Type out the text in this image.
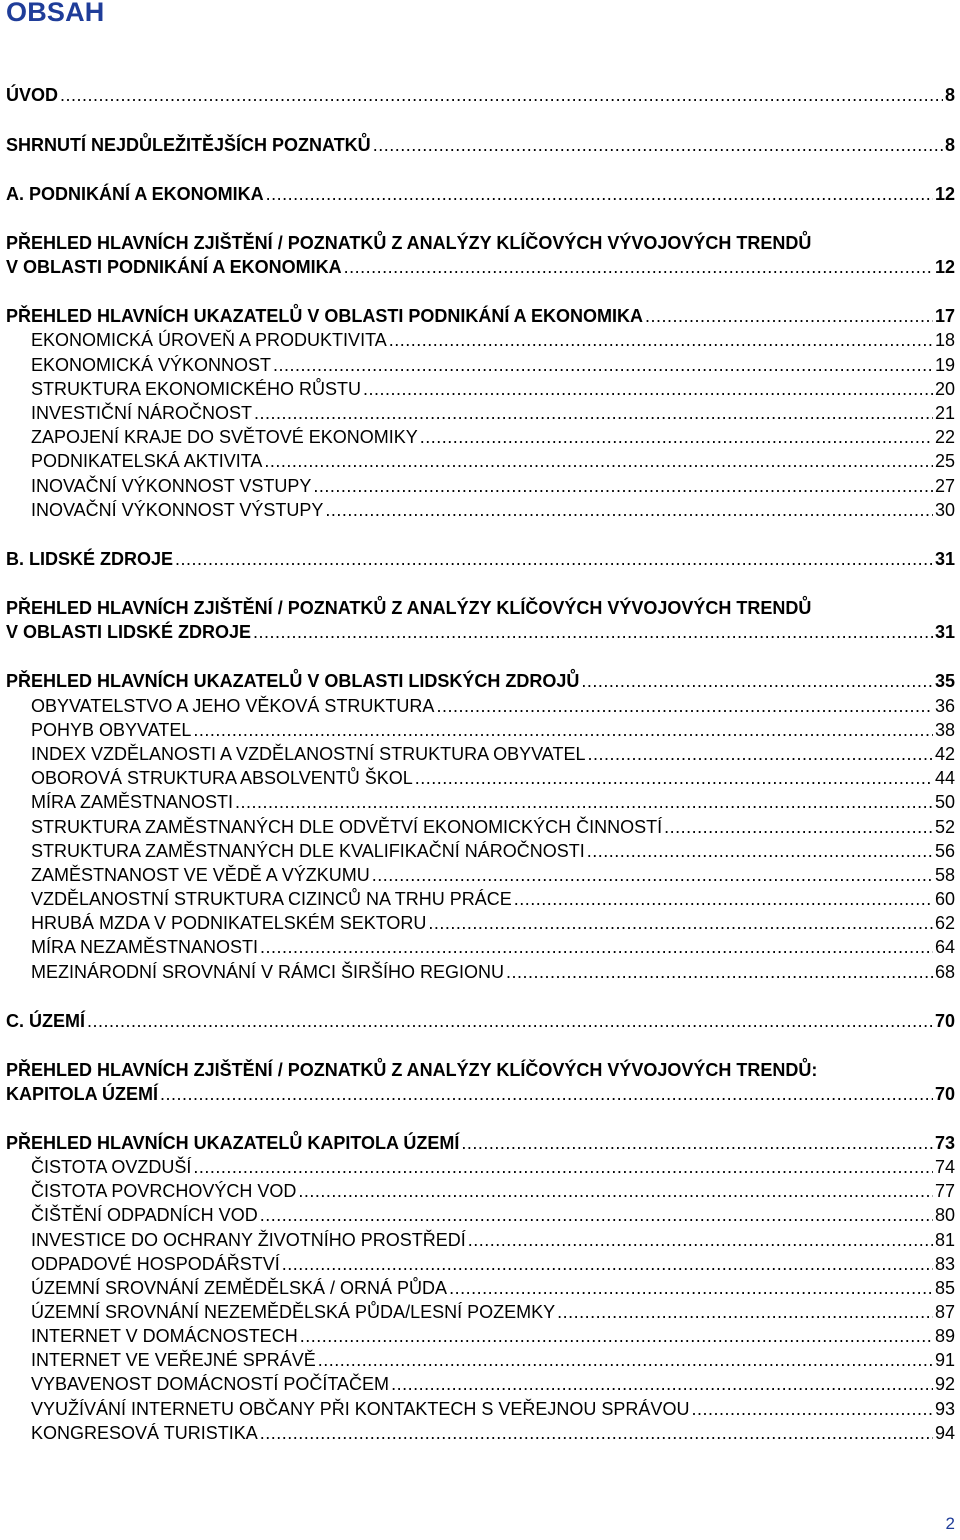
OBSAH
ÚVOD .....	8
SHRNUTÍ NEJDŮLEŽITĚJŠÍCH POZNATKŮ .....	8
A. PODNIKÁNÍ A EKONOMIKA .....	12
PŘEHLED HLAVNÍCH ZJIŠTĚNÍ / POZNATKŮ Z ANALÝZY KLÍČOVÝCH VÝVOJOVÝCH TRENDŮ
V OBLASTI PODNIKÁNÍ A EKONOMIKA .....	12
PŘEHLED HLAVNÍCH UKAZATELŮ V OBLASTI PODNIKÁNÍ A EKONOMIKA .....	17
EKONOMICKÁ ÚROVEŇ A PRODUKTIVITA .....	18
EKONOMICKÁ VÝKONNOST .....	19
STRUKTURA EKONOMICKÉHO RŮSTU .....	20
INVESTIČNÍ NÁROČNOST .....	21
ZAPOJENÍ KRAJE DO SVĚTOVÉ EKONOMIKY .....	22
PODNIKATELSKÁ AKTIVITA .....	25
INOVAČNÍ VÝKONNOST VSTUPY .....	27
INOVAČNÍ VÝKONNOST VÝSTUPY .....	30
B. LIDSKÉ ZDROJE .....	31
PŘEHLED HLAVNÍCH ZJIŠTĚNÍ / POZNATKŮ Z ANALÝZY KLÍČOVÝCH VÝVOJOVÝCH TRENDŮ
V OBLASTI LIDSKÉ ZDROJE .....	31
PŘEHLED HLAVNÍCH UKAZATELŮ V OBLASTI LIDSKÝCH ZDROJŮ .....	35
OBYVATELSTVO A JEHO VĚKOVÁ STRUKTURA .....	36
POHYB OBYVATEL .....	38
INDEX VZDĚLANOSTI A VZDĚLANOSTNÍ STRUKTURA OBYVATEL .....	42
OBOROVÁ STRUKTURA ABSOLVENTŮ ŠKOL .....	44
MÍRA ZAMĚSTNANOSTI .....	50
STRUKTURA ZAMĚSTNANÝCH DLE ODVĚTVÍ EKONOMICKÝCH ČINNOSTÍ .....	52
STRUKTURA ZAMĚSTNANÝCH DLE KVALIFIKAČNÍ NÁROČNOSTI .....	56
ZAMĚSTNANOST VE VĚDĚ A VÝZKUMU .....	58
VZDĚLANOSTNÍ STRUKTURA CIZINCŮ NA TRHU PRÁCE .....	60
HRUBÁ MZDA V PODNIKATELSKÉM SEKTORU .....	62
MÍRA NEZAMĚSTNANOSTI .....	64
MEZINÁRODNÍ SROVNÁNÍ V RÁMCI ŠIRŠÍHO REGIONU .....	68
C. ÚZEMÍ .....	70
PŘEHLED HLAVNÍCH ZJIŠTĚNÍ / POZNATKŮ Z ANALÝZY KLÍČOVÝCH VÝVOJOVÝCH TRENDŮ:
KAPITOLA ÚZEMÍ .....	70
PŘEHLED HLAVNÍCH UKAZATELŮ KAPITOLA ÚZEMÍ .....	73
ČISTOTA OVZDUŠÍ .....	74
ČISTOTA POVRCHOVÝCH VOD .....	77
ČIŠTĚNÍ ODPADNÍCH VOD .....	80
INVESTICE DO OCHRANY ŽIVOTNÍHO PROSTŘEDÍ .....	81
ODPADOVÉ HOSPODÁŘSTVÍ .....	83
ÚZEMNÍ SROVNÁNÍ ZEMĚDĚLSKÁ / ORNÁ PŮDA .....	85
ÚZEMNÍ SROVNÁNÍ NEZEMĚDĚLSKÁ PŮDA/LESNÍ POZEMKY .....	87
INTERNET V DOMÁCNOSTECH .....	89
INTERNET VE VEŘEJNÉ SPRÁVĚ .....	91
VYBAVENOST DOMÁCNOSTÍ POČÍTAČEM .....	92
VYUŽÍVÁNÍ INTERNETU OBČANY PŘI KONTAKTECH S VEŘEJNOU SPRÁVOU .....	93
KONGRESOVÁ TURISTIKA .....	94
2
